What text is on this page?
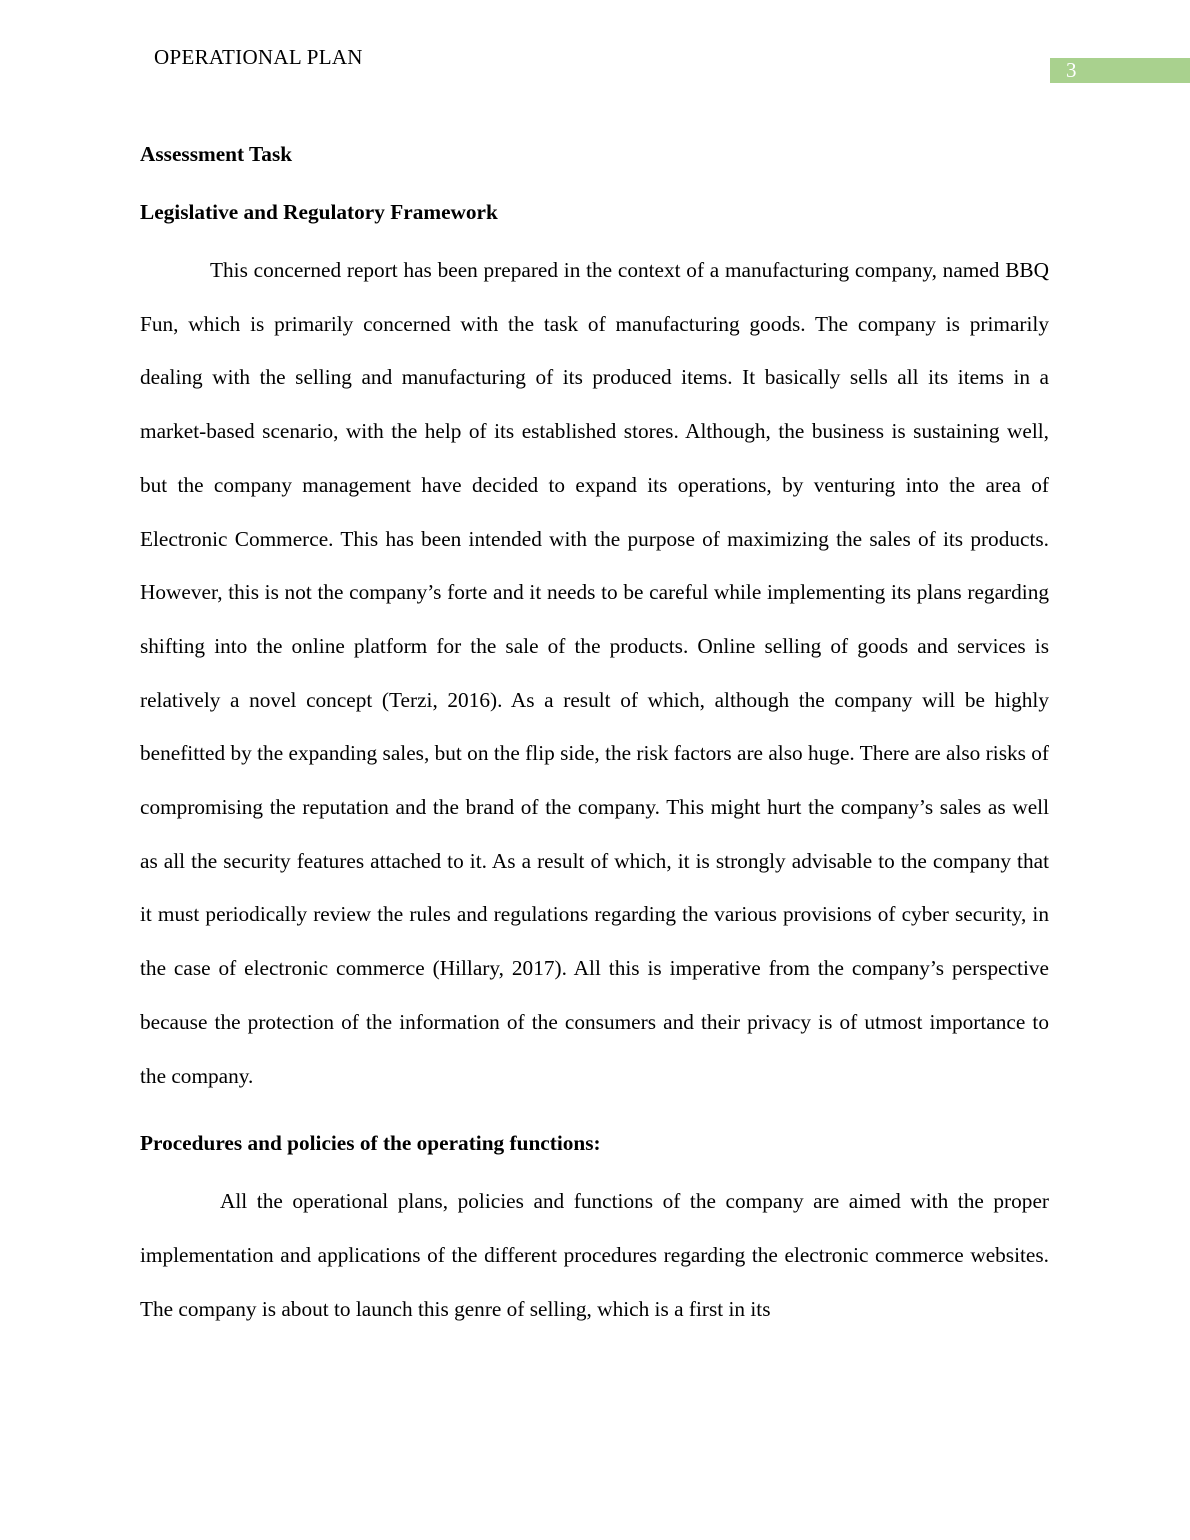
OPERATIONAL PLAN
3
Assessment Task
Legislative and Regulatory Framework

This concerned report has been prepared in the context of a manufacturing company, named BBQ Fun, which is primarily concerned with the task of manufacturing goods. The company is primarily dealing with the selling and manufacturing of its produced items. It basically sells all its items in a market-based scenario, with the help of its established stores. Although, the business is sustaining well, but the company management have decided to expand its operations, by venturing into the area of Electronic Commerce. This has been intended with the purpose of maximizing the sales of its products. However, this is not the company’s forte and it needs to be careful while implementing its plans regarding shifting into the online platform for the sale of the products. Online selling of goods and services is relatively a novel concept (Terzi, 2016). As a result of which, although the company will be highly benefitted by the expanding sales, but on the flip side, the risk factors are also huge. There are also risks of compromising the reputation and the brand of the company. This might hurt the company’s sales as well as all the security features attached to it. As a result of which, it is strongly advisable to the company that it must periodically review the rules and regulations regarding the various provisions of cyber security, in the case of electronic commerce (Hillary, 2017). All this is imperative from the company’s perspective because the protection of the information of the consumers and their privacy is of utmost importance to the company.

Procedures and policies of the operating functions:

All the operational plans, policies and functions of the company are aimed with the proper implementation and applications of the different procedures regarding the electronic commerce websites. The company is about to launch this genre of selling, which is a first in its
